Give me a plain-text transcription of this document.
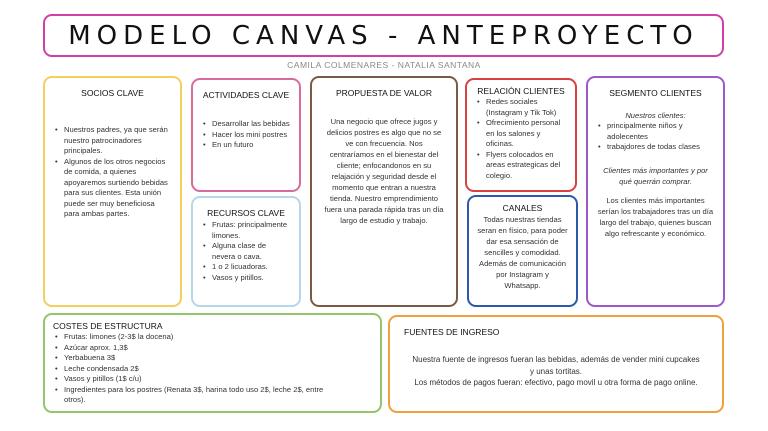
MODELO CANVAS - ANTEPROYECTO
CAMILA COLMENARES - NATALIA SANTANA
SOCIOS CLAVE
• Nuestros padres, ya que serán nuestro patrocinadores principales.
• Algunos de los otros negocios de comida, a quienes apoyaremos surtiendo bebidas para sus clientes. Esta unión puede ser muy beneficiosa para ambas partes.
ACTIVIDADES CLAVE
• Desarrollar las bebidas
• Hacer los mini postres
• En un futuro
RECURSOS CLAVE
• Frutas: principalmente limones.
• Alguna clase de nevera o cava.
• 1 o 2 licuadoras.
• Vasos y pitillos.
PROPUESTA DE VALOR

Una negocio que ofrece jugos y delicios postres es algo que no se ve con frecuencia. Nos centraríamos en el bienestar del cliente; enfocandonos en su relajación y seguridad desde el momento que entran a nuestra tienda. Nuestro emprendimiento fuera una parada rápida tras un día largo de estudio y trabajo.

RELACIÓN CLIENTES
• Redes sociales (Instagram y Tik Tok)
• Ofrecimiento personal en los salones y oficinas.
• Flyers colocados en areas estrategicas del colegio.
CANALES

Todas nuestras tiendas seran en físico, para poder dar esa sensación de sencilles y comodidad. Además de comunicación por Instagram y Whatsapp.

SEGMENTO CLIENTES

Nuestros clientes:

• principalmente niños y adolecentes
• trabajdores de todas clases

Clientes más importantes y por qué querrán comprar.

Los clientes más importantes serían los trabajadores tras un día largo del trabajo, quienes buscan algo refrescante y económico.

COSTES DE ESTRUCTURA
• Frutas: limones (2-3$ la docena)
• Azúcar aprox. 1,3$
• Yerbabuena 3$
• Leche condensada 2$
• Vasos y pitillos (1$ c/u)
• Ingredientes para los postres (Renata 3$, harina todo uso 2$, leche 2$, entre otros).
FUENTES DE INGRESO

Nuestra fuente de ingresos fueran las bebidas, además de vender mini cupcakes y unas tortitas.

Los métodos de pagos fueran: efectivo, pago movil u otra forma de pago online.
